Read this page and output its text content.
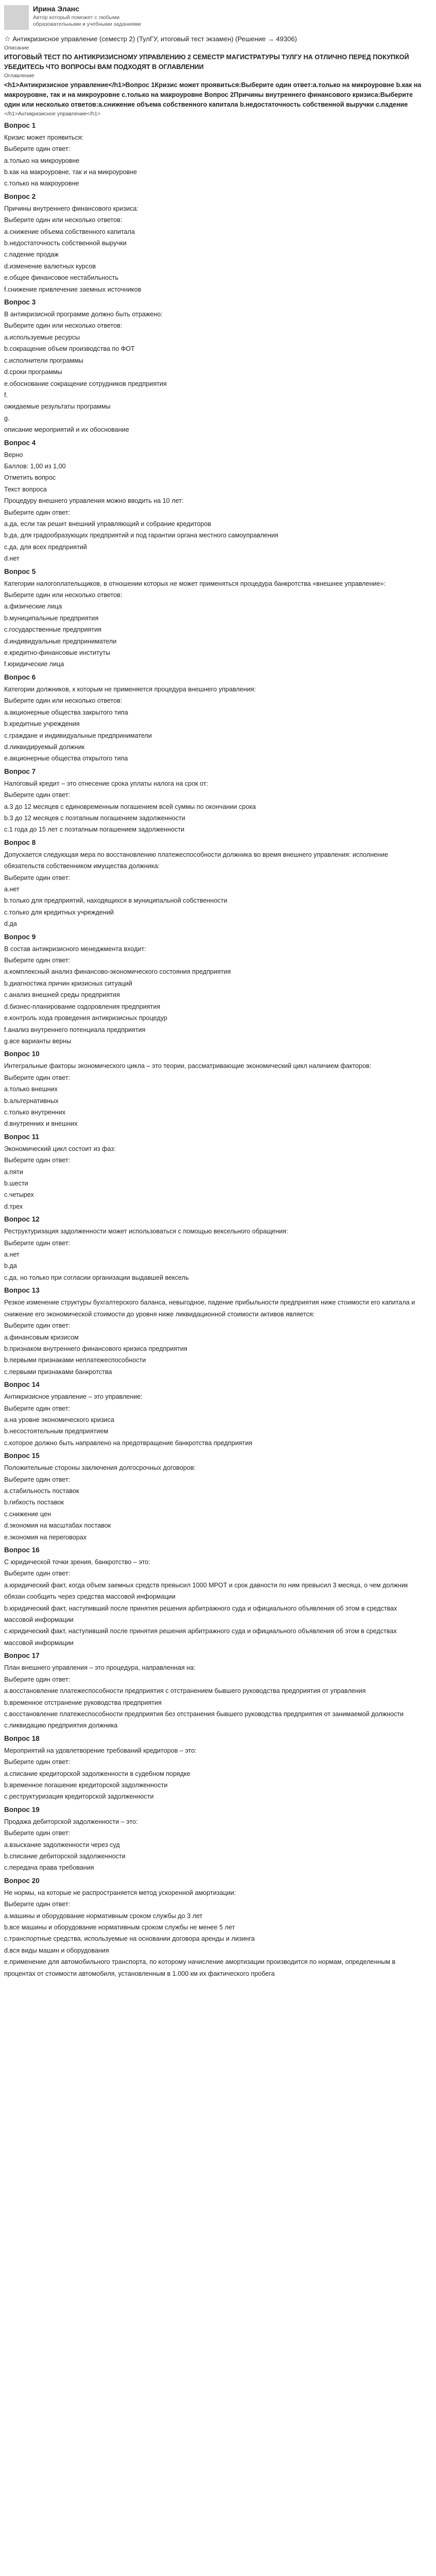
Ирина Эланс
Автор который поможет с любыми образовательными и учебными заданиями
☆ Антикризисное управление (семестр 2) (ТулГУ, итоговый тест экзамен) (Решение → 49306)
Описание
ИТОГОВЫЙ ТЕСТ ПО АНТИКРИЗИСНОМУ УПРАВЛЕНИЮ 2 СЕМЕСТР МАГИСТРАТУРЫ ТУЛГУ НА ОТЛИЧНО ПЕРЕД ПОКУПКОЙ УБЕДИТЕСЬ ЧТО ВОПРОСЫ ВАМ ПОДХОДЯТ В ОГЛАВЛЕНИИ
Оглавление
<h1>Антикризисное управление</h1>Вопрос 1Кризис может проявиться:Выберите один ответ:a.только на микроуровне b.как на макроуровне, так и на микроуровне c.только на макроуровне Вопрос 2Причины внутреннего финансового кризиса:Выберите один или несколько ответов:a.снижение объема собственного капитала b.недостаточность собственной выручки c.падение
</h1>Антикризисное управление</h1>
Вопрос 1
Кризис может проявиться:
Выберите один ответ:
a.только на микроуровне
b.как на макроуровне, так и на микроуровне
c.только на макроуровне
Вопрос 2
Причины внутреннего финансового кризиса:
Выберите один или несколько ответов:
a.снижение объема собственного капитала
b.недостаточность собственной выручки
c.падение продаж
d.изменение валютных курсов
e.общее финансовое нестабильность
f.снижение привлечение заемных источников
Вопрос 3
В антикризисной программе должно быть отражено:
Выберите один или несколько ответов:
a.используемые ресурсы
b.сокращение объем производства по ФОТ
c.исполнители программы
d.сроки программы
e.обоснование сокращение сотрудников предприятия
f.
ожидаемые результаты программы
g.
описание мероприятий и их обоснование
Вопрос 4
Верно
Баллов: 1,00 из 1,00
Отметить вопрос
Текст вопроса
Процедуру внешнего управления можно вводить на 10 лет:
Выберите один ответ:
a.да, если так решит внешний управляющий и собрание кредиторов
b.да, для градообразующих предприятий и под гарантии органа местного самоуправления
c.да, для всех предприятий
d.нет
Вопрос 5
Категории налогоплательщиков, в отношении которых не может применяться процедура банкротства «внешнее управление»:
Выберите один или несколько ответов:
a.физические лица
b.муниципальные предприятия
c.государственные предприятия
d.индивидуальные предприниматели
e.кредитно-финансовые институты
f.юридические лица
Вопрос 6
Категории должников, к которым не применяется процедура внешнего управления:
Выберите один или несколько ответов:
a.акционерные общества закрытого типа
b.кредитные учреждения
c.граждане и индивидуальные предприниматели
d.ликвидируемый должник
e.акционерные общества открытого типа
Вопрос 7
Налоговый кредит – это отнесение срока уплаты налога на срок от:
Выберите один ответ:
a.3 до 12 месяцев с единовременным погашением всей суммы по окончании срока
b.3 до 12 месяцев с поэтапным погашением задолженности
c.1 года до 15 лет с поэтапным погашением задолженности
Вопрос 8
Допускается следующая мера по восстановлению платежеспособности должника во время внешнего управления: исполнение обязательств собственником имущества должника:
Выберите один ответ:
a.нет
b.только для предприятий, находящихся в муниципальной собственности
c.только для кредитных учреждений
d.да
Вопрос 9
В состав антикризисного менеджмента входит:
Выберите один ответ:
a.комплексный анализ финансово-экономического состояния предприятия
b.диагностика причин кризисных ситуаций
c.анализ внешней среды предприятия
d.бизнес-планирование оздоровления предприятия
e.контроль хода проведения антикризисных процедур
f.анализ внутреннего потенциала предприятия
g.все варианты верны
Вопрос 10
Интегральные факторы экономического цикла – это теории, рассматривающие экономический цикл наличием факторов:
Выберите один ответ:
a.только внешних
b.альтернативных
c.только внутренних
d.внутренних и внешних
Вопрос 11
Экономический цикл состоит из фаз:
Выберите один ответ:
a.пяти
b.шести
c.четырех
d.трех
Вопрос 12
Реструктуризация задолженности может использоваться с помощью вексельного обращения:
Выберите один ответ:
a.нет
b.да
c.да, но только при согласии организации выдавшей вексель
Вопрос 13
Резкое изменение структуры бухгалтерского баланса, невыгодное, падение прибыльности предприятия ниже стоимости его капитала и снижение его экономической стоимости до уровня ниже ликвидационной стоимости активов является:
Выберите один ответ:
a.финансовым кризисом
b.признаком внутреннего финансового кризиса предприятия
b.первыми признаками неплатежеспособности
c.первыми признаками банкротства
Вопрос 14
Антикризисное управление – это управление:
Выберите один ответ:
a.на уровне экономического кризиса
b.несостоятельным предприятием
c.которое должно быть направлено на предотвращение банкротства предприятия
Вопрос 15
Положительные стороны заключения долгосрочных договоров:
Выберите один ответ:
a.стабильность поставок
b.гибкость поставок
c.снижение цен
d.экономия на масштабах поставок
e.экономия на переговорах
Вопрос 16
С юридической точки зрения, банкротство – это:
Выберите один ответ:
a.юридический факт, когда объем заемных средств превысил 1000 МРОТ и срок давности по ним превысил 3 месяца, о чем должник обязан сообщить через средства массовой информации
b.юридический факт, наступивший после принятия решения арбитражного суда и официального объявления об этом в средствах массовой информации
c.юридический факт, наступивший после принятия решения арбитражного суда и официального объявления об этом в средствах массовой информации
Вопрос 17
План внешнего управления – это процедура, направленная на:
Выберите один ответ:
a.восстановление платежеспособности предприятия с отстранением бывшего руководства предприятия от управления
b.временное отстранение руководства предприятия
c.восстановление платежеспособности предприятия без отстранения бывшего руководства предприятия от занимаемой должности
c.ликвидацию предприятия должника
Вопрос 18
Мероприятий на удовлетворение требований кредиторов – это:
Выберите один ответ:
a.списание кредиторской задолженности в судебном порядке
b.временное погашение кредиторской задолженности
c.реструктуризация кредиторской задолженности
Вопрос 19
Продажа дебиторской задолженности – это:
Выберите один ответ:
a.взыскание задолженности через суд
b.списание дебиторской задолженности
c.передача права требования
Вопрос 20
Не нормы, на которые не распространяется метод ускоренной амортизации:
Выберите один ответ:
a.машины и оборудование нормативным сроком службы до 3 лет
b.все машины и оборудование нормативным сроком службы не менее 5 лет
c.транспортные средства, используемые на основании договора аренды и лизинга
d.вся виды машин и оборудования
e.применение для автомобильного транспорта, по которому начисление амортизации производится по нормам, определенным в процентах от стоимости автомобиля, установленным в 1.000 км их фактического пробега
